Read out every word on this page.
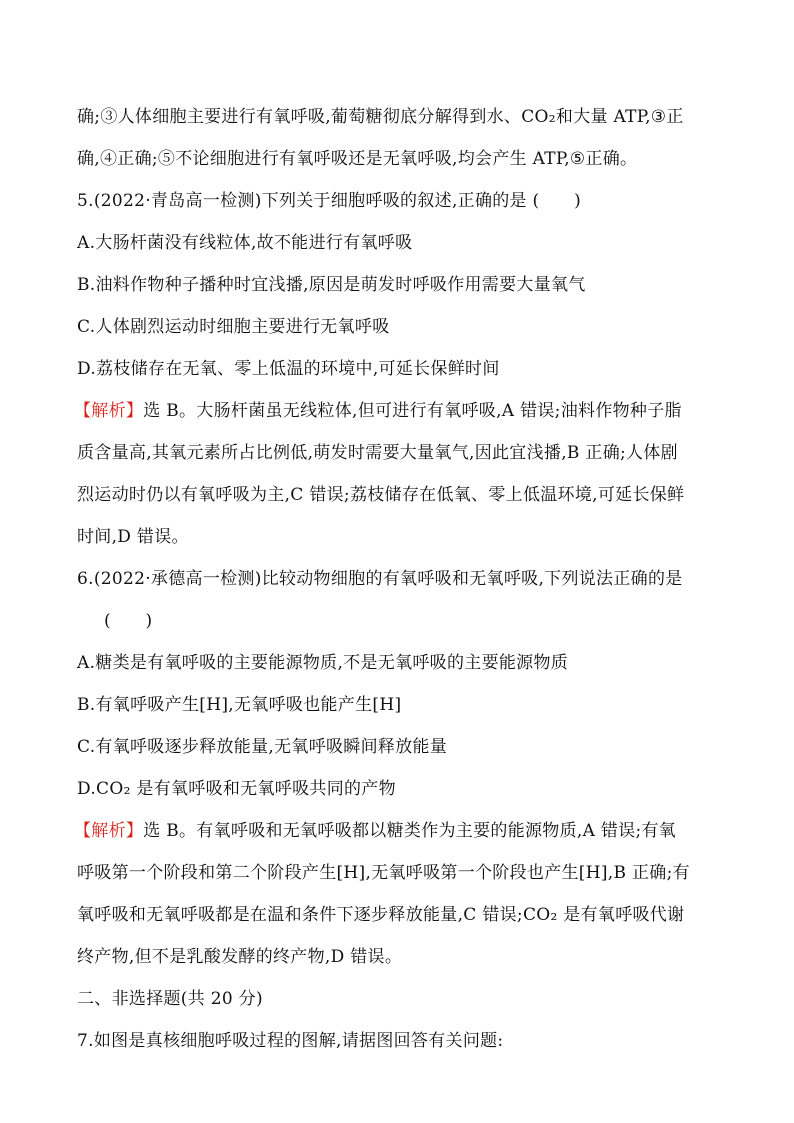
确;③人体细胞主要进行有氧呼吸,葡萄糖彻底分解得到水、CO₂和大量 ATP,③正
确,④正确;⑤不论细胞进行有氧呼吸还是无氧呼吸,均会产生 ATP,⑤正确。
5.(2022·青岛高一检测)下列关于细胞呼吸的叙述,正确的是 (　　)
A.大肠杆菌没有线粒体,故不能进行有氧呼吸
B.油料作物种子播种时宜浅播,原因是萌发时呼吸作用需要大量氧气
C.人体剧烈运动时细胞主要进行无氧呼吸
D.荔枝储存在无氧、零上低温的环境中,可延长保鲜时间
【解析】选 B。大肠杆菌虽无线粒体,但可进行有氧呼吸,A 错误;油料作物种子脂
质含量高,其氧元素所占比例低,萌发时需要大量氧气,因此宜浅播,B 正确;人体剧
烈运动时仍以有氧呼吸为主,C 错误;荔枝储存在低氧、零上低温环境,可延长保鲜
时间,D 错误。
6.(2022·承德高一检测)比较动物细胞的有氧呼吸和无氧呼吸,下列说法正确的是
(　　)
A.糖类是有氧呼吸的主要能源物质,不是无氧呼吸的主要能源物质
B.有氧呼吸产生[H],无氧呼吸也能产生[H]
C.有氧呼吸逐步释放能量,无氧呼吸瞬间释放能量
D.CO₂ 是有氧呼吸和无氧呼吸共同的产物
【解析】选 B。有氧呼吸和无氧呼吸都以糖类作为主要的能源物质,A 错误;有氧
呼吸第一个阶段和第二个阶段产生[H],无氧呼吸第一个阶段也产生[H],B 正确;有
氧呼吸和无氧呼吸都是在温和条件下逐步释放能量,C 错误;CO₂ 是有氧呼吸代谢
终产物,但不是乳酸发酵的终产物,D 错误。
二、非选择题(共 20 分)
7.如图是真核细胞呼吸过程的图解,请据图回答有关问题:
